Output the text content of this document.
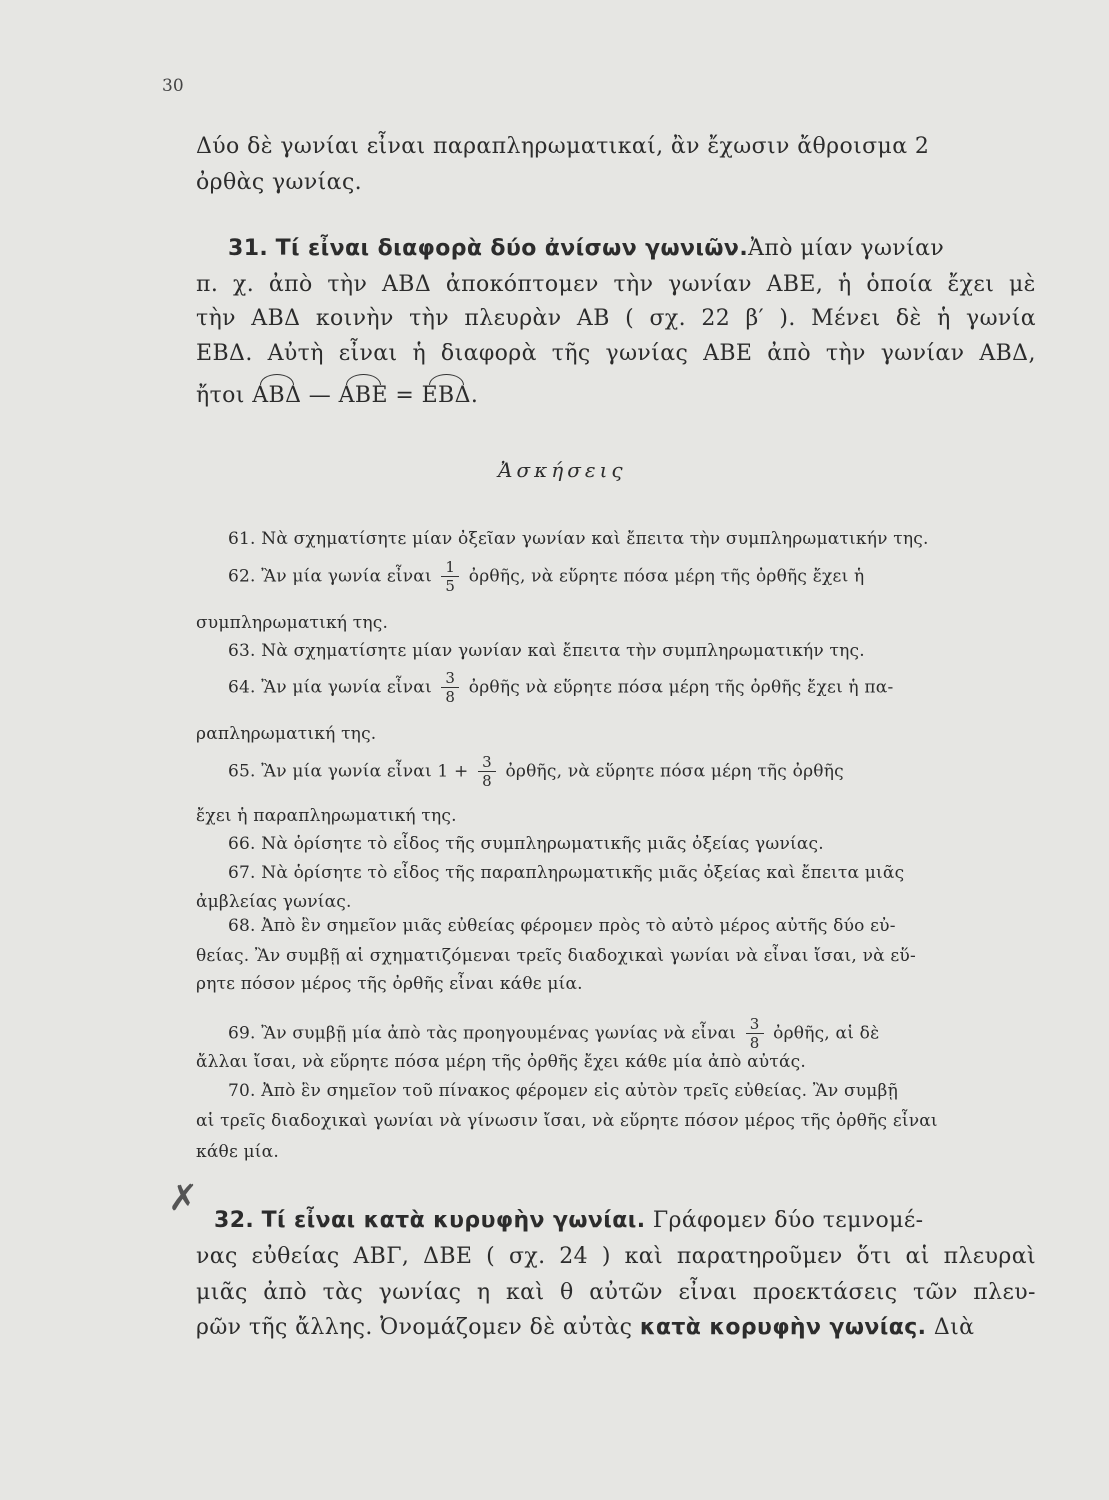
30
Δύο δὲ γωνίαι εἶναι παραπληρωματικαί, ἂν ἔχωσιν ἄθροισμα 2
ὀρθὰς γωνίας.
31. Τί εἶναι διαφορὰ δύο ἀνίσων γωνιῶν.Ἀπὸ μίαν γωνίαν
π. χ. ἀπὸ τὴν ΑΒΔ ἀποκόπτομεν τὴν γωνίαν ΑΒΕ, ἡ ὁποία ἔχει μὲ
τὴν ΑΒΔ κοινὴν τὴν πλευρὰν ΑΒ ( σχ. 22 β′ ). Μένει δὲ ἡ γωνία
ΕΒΔ. Αὐτὴ εἶναι ἡ διαφορὰ τῆς γωνίας ΑΒΕ ἀπὸ τὴν γωνίαν ΑΒΔ,
ἤτοι ΑΒΔ — ΑΒΕ = ΕΒΔ.
Ἀσκήσεις
61. Νὰ σχηματίσητε μίαν ὀξεῖαν γωνίαν καὶ ἔπειτα τὴν συμπληρωματικήν της.
62. Ἂν μία γωνία εἶναι $\frac{1}{5}$ ὀρθῆς, νὰ εὕρητε πόσα μέρη τῆς ὀρθῆς ἔχει ἡ
συμπληρωματική της.
63. Νὰ σχηματίσητε μίαν γωνίαν καὶ ἔπειτα τὴν συμπληρωματικήν της.
64. Ἂν μία γωνία εἶναι $\frac{3}{8}$ ὀρθῆς νὰ εὕρητε πόσα μέρη τῆς ὀρθῆς ἔχει ἡ πα-
ραπληρωματική της.
65. Ἂν μία γωνία εἶναι $1 + \frac{3}{8}$ ὀρθῆς, νὰ εὕρητε πόσα μέρη τῆς ὀρθῆς
ἔχει ἡ παραπληρωματική της.
66. Νὰ ὁρίσητε τὸ εἶδος τῆς συμπληρωματικῆς μιᾶς ὀξείας γωνίας.
67. Νὰ ὁρίσητε τὸ εἶδος τῆς παραπληρωματικῆς μιᾶς ὀξείας καὶ ἔπειτα μιᾶς
ἀμβλείας γωνίας.
68. Ἀπὸ ἓν σημεῖον μιᾶς εὐθείας φέρομεν πρὸς τὸ αὐτὸ μέρος αὐτῆς δύο εὐ-
θείας. Ἂν συμβῇ αἱ σχηματιζόμεναι τρεῖς διαδοχικαὶ γωνίαι νὰ εἶναι ἴσαι, νὰ εὕ-
ρητε πόσον μέρος τῆς ὀρθῆς εἶναι κάθε μία.
69. Ἂν συμβῇ μία ἀπὸ τὰς προηγουμένας γωνίας νὰ εἶναι $\frac{3}{8}$ ὀρθῆς, αἱ δὲ
ἄλλαι ἴσαι, νὰ εὕρητε πόσα μέρη τῆς ὀρθῆς ἔχει κάθε μία ἀπὸ αὐτάς.
70. Ἀπὸ ἓν σημεῖον τοῦ πίνακος φέρομεν εἰς αὐτὸν τρεῖς εὐθείας. Ἂν συμβῇ
αἱ τρεῖς διαδοχικαὶ γωνίαι νὰ γίνωσιν ἴσαι, νὰ εὕρητε πόσον μέρος τῆς ὀρθῆς εἶναι
κάθε μία.
✗
32. Τί εἶναι κατὰ κυρυφὴν γωνίαι. Γράφομεν δύο τεμνομέ-
νας εὐθείας ΑΒΓ, ΔΒΕ ( σχ. 24 ) καὶ παρατηροῦμεν ὅτι αἱ πλευραὶ
μιᾶς ἀπὸ τὰς γωνίας η καὶ θ αὐτῶν εἶναι προεκτάσεις τῶν πλευ-
ρῶν τῆς ἄλλης. Ὀνομάζομεν δὲ αὐτὰς κατὰ κορυφὴν γωνίας. Διὰ
